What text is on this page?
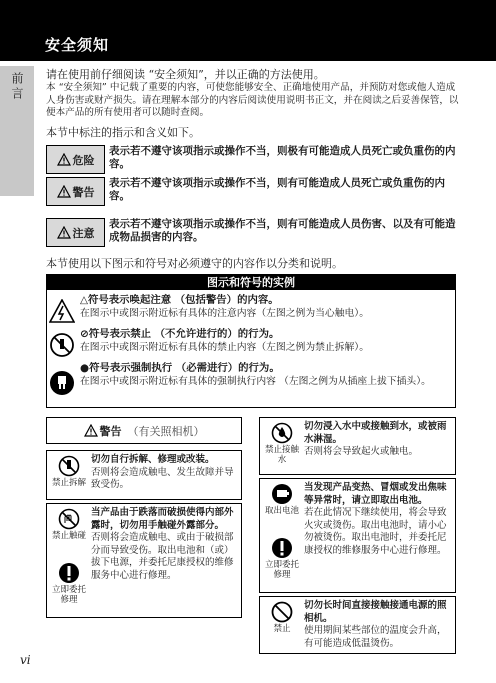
安全须知
前言 请在使用前仔细阅读 “安全须知”，并以正确的方法使用。
本 “安全须知” 中记载了重要的内容，可使您能够安全、正确地使用产品，并预防对您或他人造成人身伤害或财产损失。请在理解本部分的内容后阅读使用说明书正文，并在阅读之后妥善保管，以便本产品的所有使用者可以随时查阅。
本节中标注的指示和含义如下。
危险
表示若不遵守该项指示或操作不当，则极有可能造成人员死亡或负重伤的内容。
警告
表示若不遵守该项指示或操作不当，则有可能造成人员死亡或负重伤的内容。
注意
表示若不遵守该项指示或操作不当，则有可能造成人员伤害、以及有可能造成物品损害的内容。
本节使用以下图示和符号对必须遵守的内容作以分类和说明。
图示和符号的实例
△符号表示唤起注意 （包括警告）的内容。
在图示中或图示附近标有具体的注意内容（左图之例为当心触电）。
⊘符号表示禁止 （不允许进行的）的行为。
在图示中或图示附近标有具体的禁止内容（左图之例为禁止拆解）。
●符号表示强制执行 （必需进行）的行为。
在图示中或图示附近标有具体的强制执行内容 （左图之例为从插座上拔下插头）。
警告 （有关照相机）
禁止拆解
切勿自行拆解、修理或改装。
否则将会造成触电、发生故障并导致受伤。
禁止触碰
立即委托修理
当产品由于跌落而破损使得内部外露时，切勿用手触碰外露部分。
否则将会造成触电、或由于破损部分而导致受伤。取出电池和（或）拔下电源，并委托尼康授权的维修服务中心进行修理。
禁止接触水
切勿浸入水中或接触到水，或被雨水淋湿。
否则将会导致起火或触电。
取出电池
立即委托修理
当发现产品变热、冒烟或发出焦味等异常时，请立即取出电池。
若在此情况下继续使用，将会导致火灾或烫伤。取出电池时，请小心勿被烫伤。取出电池时，并委托尼康授权的维修服务中心进行修理。
禁止
切勿长时间直接接触接通电源的照相机。
使用期间某些部位的温度会升高，有可能造成低温烫伤。
vi
